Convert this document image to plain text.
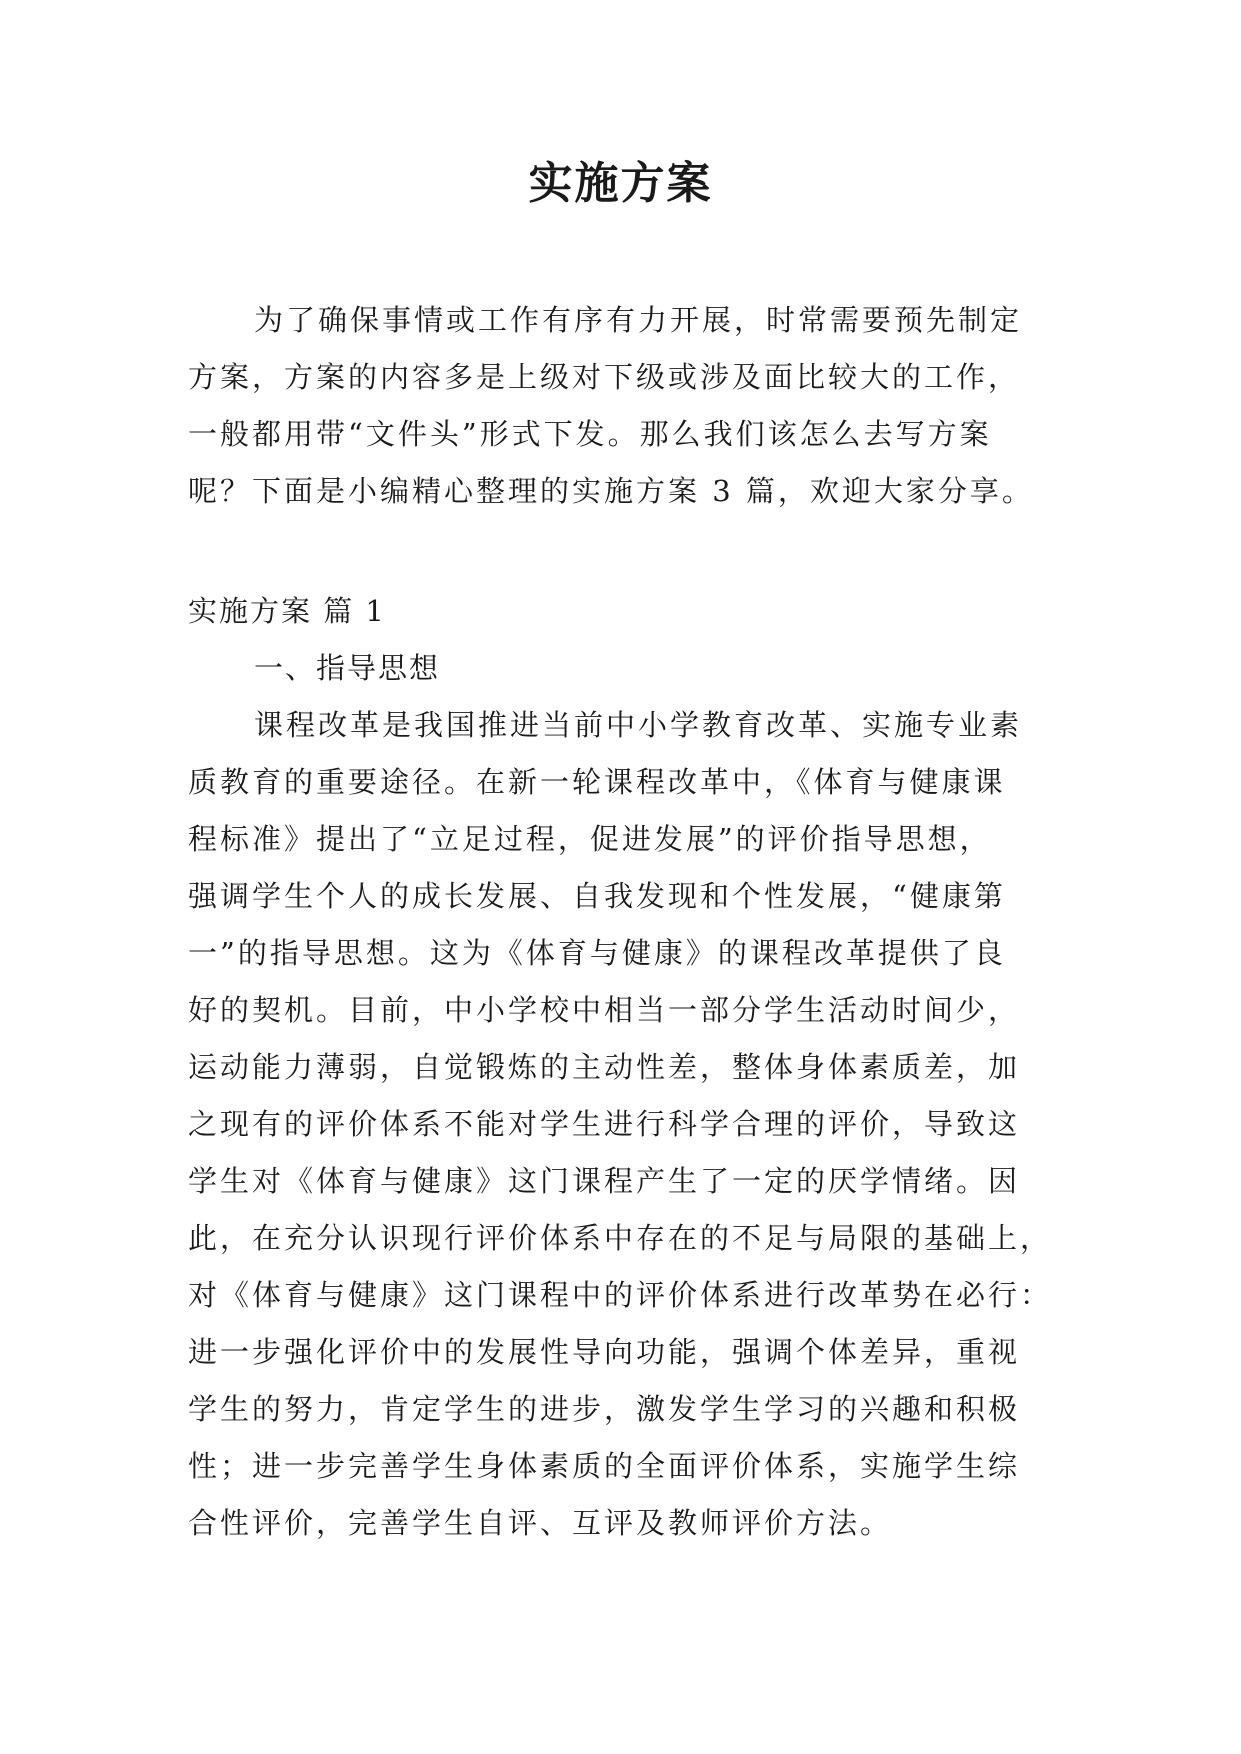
实施方案
为了确保事情或工作有序有力开展，时常需要预先制定
方案，方案的内容多是上级对下级或涉及面比较大的工作，
一般都用带“文件头”形式下发。那么我们该怎么去写方案
呢？下面是小编精心整理的实施方案 3 篇，欢迎大家分享。
实施方案 篇 1
一、指导思想
课程改革是我国推进当前中小学教育改革、实施专业素
质教育的重要途径。在新一轮课程改革中，《体育与健康课
程标准》提出了“立足过程，促进发展”的评价指导思想，
强调学生个人的成长发展、自我发现和个性发展，“健康第
一”的指导思想。这为《体育与健康》的课程改革提供了良
好的契机。目前，中小学校中相当一部分学生活动时间少，
运动能力薄弱，自觉锻炼的主动性差，整体身体素质差，加
之现有的评价体系不能对学生进行科学合理的评价，导致这
学生对《体育与健康》这门课程产生了一定的厌学情绪。因
此，在充分认识现行评价体系中存在的不足与局限的基础上，
对《体育与健康》这门课程中的评价体系进行改革势在必行：
进一步强化评价中的发展性导向功能，强调个体差异，重视
学生的努力，肯定学生的进步，激发学生学习的兴趣和积极
性；进一步完善学生身体素质的全面评价体系，实施学生综
合性评价，完善学生自评、互评及教师评价方法。
